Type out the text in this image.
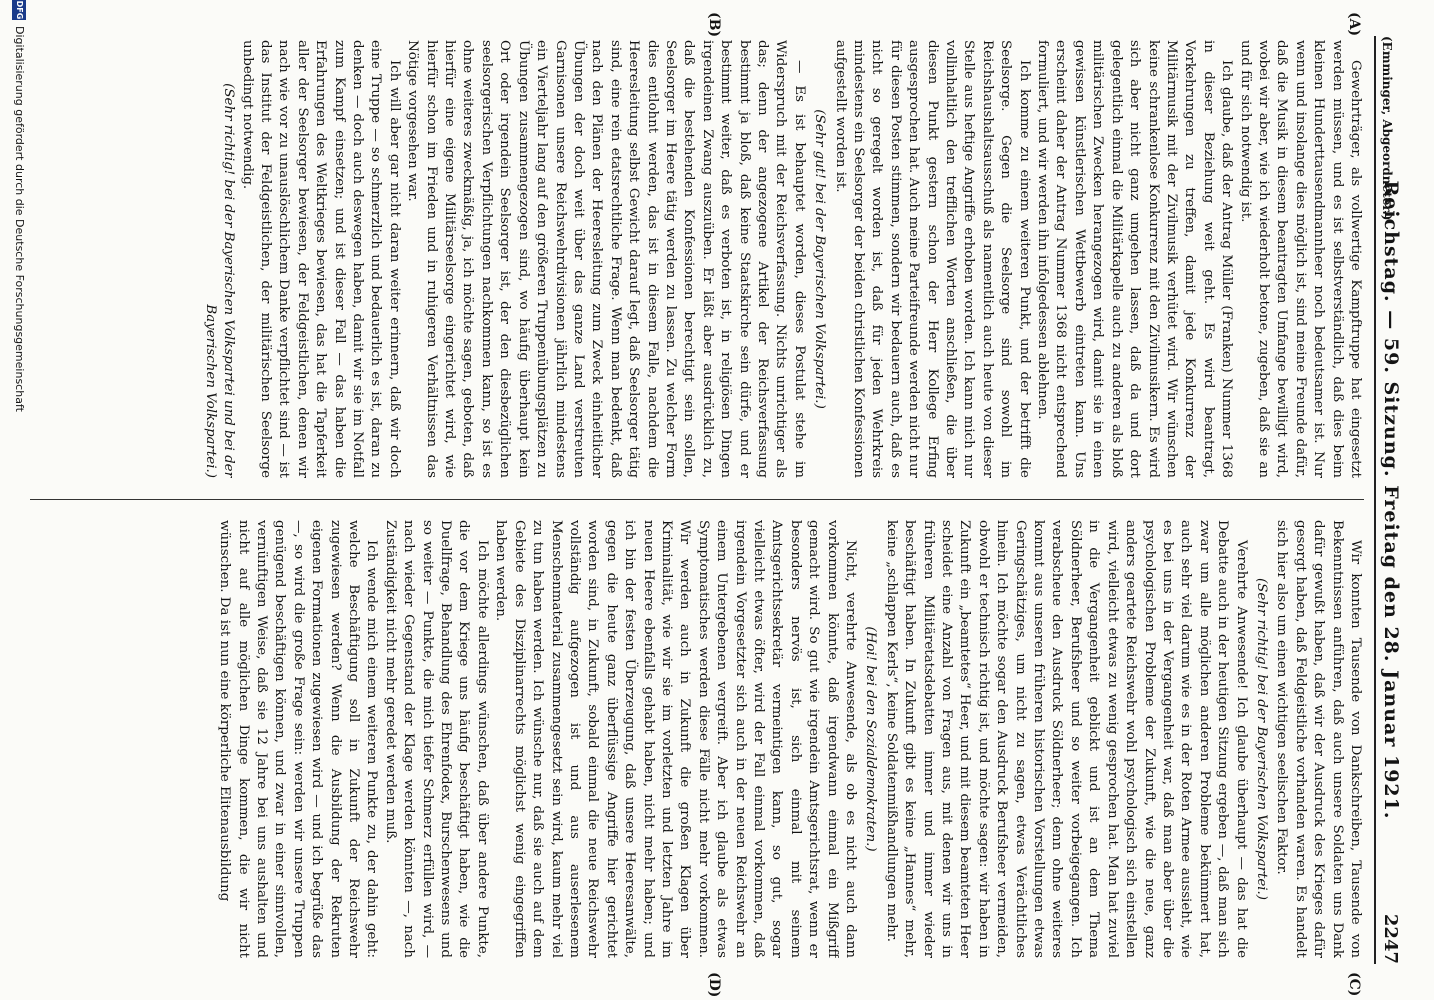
(Emminger, Abgeordneter.)
Reichstag. — 59. Sitzung. Freitag den 28. Januar 1921.
2247
(A)
(B)
(C)
(D)

Gewehrträger, als vollwertige Kampftruppe hat eingesetzt werden müssen, und es ist selbstverständlich, daß dies beim kleinen Hunderttausendmannheer noch bedeutsamer ist. Nur wenn und insolange dies möglich ist, sind meine Freunde dafür, daß die Musik in diesem beantragten Umfange bewilligt wird, wobei wir aber, wie ich wiederholt betone, zugeben, daß sie an und für sich notwendig ist.

Ich glaube, daß der Antrag Müller (Franken) Nummer 1368 in dieser Beziehung weit geht. Es wird beantragt, Vorkehrungen zu treffen, damit jede Konkurrenz der Militärmusik mit der Zivilmusik verhütet wird. Wir wünschen keine schrankenlose Konkurrenz mit den Zivilmusikern. Es wird sich aber nicht ganz umgehen lassen, daß da und dort gelegentlich einmal die Militärkapelle auch zu anderen als bloß militärischen Zwecken herangezogen wird, damit sie in einen gewissen künstlerischen Wettbewerb eintreten kann. Uns erscheint daher der Antrag Nummer 1368 nicht entsprechend formuliert, und wir werden ihn infolgedessen ablehnen.

Ich komme zu einem weiteren Punkt, und der betrifft die Seelsorge. Gegen die Seelsorge sind sowohl im Reichshaushaltsausschuß als namentlich auch heute von dieser Stelle aus heftige Angriffe erhoben worden. Ich kann mich nur vollinhaltlich den trefflichen Worten anschließen, die über diesen Punkt gestern schon der Herr Kollege Erfing ausgesprochen hat. Auch meine Parteifreunde werden nicht nur für diesen Posten stimmen, sondern wir bedauern auch, daß es nicht so geregelt worden ist, daß für jeden Wehrkreis mindestens ein Seelsorger der beiden christlichen Konfessionen aufgestellt worden ist.

(Sehr gut! bei der Bayerischen Volkspartei.)

— Es ist behauptet worden, dieses Postulat stehe im Widerspruch mit der Reichsverfassung. Nichts unrichtiger als das; denn der angezogene Artikel der Reichsverfassung bestimmt ja bloß, daß keine Staatskirche sein dürfe, und er bestimmt weiter, daß es verboten ist, in religiösen Dingen irgendeinen Zwang auszuüben. Er läßt aber ausdrücklich zu, daß die bestehenden Konfessionen berechtigt sein sollen, Seelsorger im Heere tätig werden zu lassen. Zu welcher Form dies entlohnt werden, das ist in diesem Falle, nachdem die Heeresleitung selbst Gewicht darauf legt, daß Seelsorger tätig sind, eine rein etatsrechtliche Frage. Wenn man bedenkt, daß nach den Plänen der Heeresleitung zum Zweck einheitlicher Übungen der doch weit über das ganze Land verstreuten Garnisonen unsere Reichswehrdivisionen jährlich mindestens ein Vierteljahr lang auf den größeren Truppenübungsplätzen zu Übungen zusammengezogen sind, wo häufig überhaupt kein Ort oder irgendein Seelsorger ist, der den diesbezüglichen seelsorgerischen Verpflichtungen nachkommen kann, so ist es ohne weiteres zweckmäßig, ja, ich möchte sagen, geboten, daß hierfür eine eigene Militärseelsorge eingerichtet wird, wie hierfür schon im Frieden und in ruhigeren Verhältnissen das Nötige vorgesehen war.

Ich will aber gar nicht daran weiter erinnern, daß wir doch eine Truppe — so schmerzlich und bedauerlich es ist, daran zu denken — doch auch deswegen haben, damit wir sie im Notfall zum Kampf einsetzen; und ist dieser Fall — das haben die Erfahrungen des Weltkrieges bewiesen, das hat die Tapferkeit aller der Seelsorger bewiesen, der Feldgeistlichen, denen wir nach wie vor zu unauslöschlichem Danke verpflichtet sind — ist das Institut der Feldgeistlichen, der militärischen Seelsorge unbedingt notwendig.

(Sehr richtig! bei der Bayerischen Volkspartei und bei der Bayerischen Volkspartei.)

Wir konnten Tausende von Dankschreiben, Tausende von Bekenntnissen anführen, daß auch unsere Soldaten uns Dank dafür gewußt haben, daß wir der Ausdruck des Krieges dafür gesorgt haben, daß Feldgeistliche vorhanden waren. Es handelt sich hier also um einen wichtigen seelischen Faktor.

(Sehr richtig! bei der Bayerischen Volkspartei.)

Verehrte Anwesende! Ich glaube überhaupt — das hat die Debatte auch in der heutigen Sitzung ergeben —, daß man sich zwar um alle möglichen anderen Probleme bekümmert hat, auch sehr viel darum wie es in der Roten Armee aussieht, wie es bei uns in der Vergangenheit war, daß man aber über die psychologischen Probleme der Zukunft, wie die neue, ganz anders geartete Reichswehr wohl psychologisch sich einstellen wird, vielleicht etwas zu wenig gesprochen hat. Man hat zuviel in die Vergangenheit geblickt und ist an dem Thema Söldnerheer, Berufsheer und so weiter vorbeigegangen. Ich verabscheue den Ausdruck Söldnerheer; denn ohne weiteres kommt aus unseren früheren historischen Vorstellungen etwas Geringschätziges, um nicht zu sagen, etwas Verächtliches hinein. Ich möchte sogar den Ausdruck Berufsheer vermeiden, obwohl er technisch richtig ist, und möchte sagen: wir haben in Zukunft ein „beamtetes“ Heer, und mit diesem beamteten Heer scheidet eine Anzahl von Fragen aus, mit denen wir uns in früheren Militäretatsdebatten immer und immer wieder beschäftigt haben. In Zukunft gibt es keine „Hannes“ mehr, keine „schlappen Kerls“, keine Soldatenmißhandlungen mehr.

(Hoi! bei den Sozialdemokraten.)

Nicht, verehrte Anwesende, als ob es nicht auch dann vorkommen könnte, daß irgendwann einmal ein Mißgriff gemacht wird. So gut wie irgendein Amtsgerichtsrat, wenn er besonders nervös ist, sich einmal mit seinem Amtsgerichtssekretär vermeintigen kann, so gut, sogar vielleicht etwas öfter, wird der Fall einmal vorkommen, daß irgendein Vorgesetzter sich auch in der neuen Reichswehr an einem Untergebenen vergreift. Aber ich glaube als etwas Symptomatisches werden diese Fälle nicht mehr vorkommen. Wir werden auch in Zukunft die großen Klagen über Kriminalität, wie wir sie im vorletzten und letzten Jahre im neuen Heere ebenfalls gehabt haben, nicht mehr haben; und ich bin der festen Überzeugung, daß unsere Heeresanwälte, gegen die heute ganz überflüssige Angriffe hier gerichtet worden sind, in Zukunft, sobald einmal die neue Reichswehr vollständig aufgezogen ist und aus auserlesenem Menschenmaterial zusammengesetzt sein wird, kaum mehr viel zu tun haben werden. Ich wünsche nur, daß sie auch auf dem Gebiete des Disziplinarrechts möglichst wenig eingegriffen haben werden.

Ich möchte allerdings wünschen, daß über andere Punkte, die vor dem Kriege uns häufig beschäftigt haben, wie die Duellfrage, Behandlung des Ehrenfodex, Burschenwesens und so weiter — Punkte, die mich tiefer Schmerz erfüllen wird, — nach wieder Gegenstand der Klage werden könnten —, nach Zuständigkeit nicht mehr geredet werden muß.

Ich wende mich einem weiteren Punkte zu, der dahin geht: welche Beschäftigung soll in Zukunft der Reichswehr zugewiesen werden? Wenn die Ausbildung der Rekruten eigenen Formationen zugewiesen wird — und ich begrüße das —, so wird die große Frage sein: werden wir unsere Truppen genügend beschäftigen können, und zwar in einer sinnvollen, vernünftigen Weise, daß sie 12 Jahre bei uns aushalten und nicht auf alle möglichen Dinge kommen, die wir nicht wünschen. Da ist nun eine körperliche Elitenausbildung

DFG
Digitalisierung gefördert durch die Deutsche Forschungsgemeinschaft
